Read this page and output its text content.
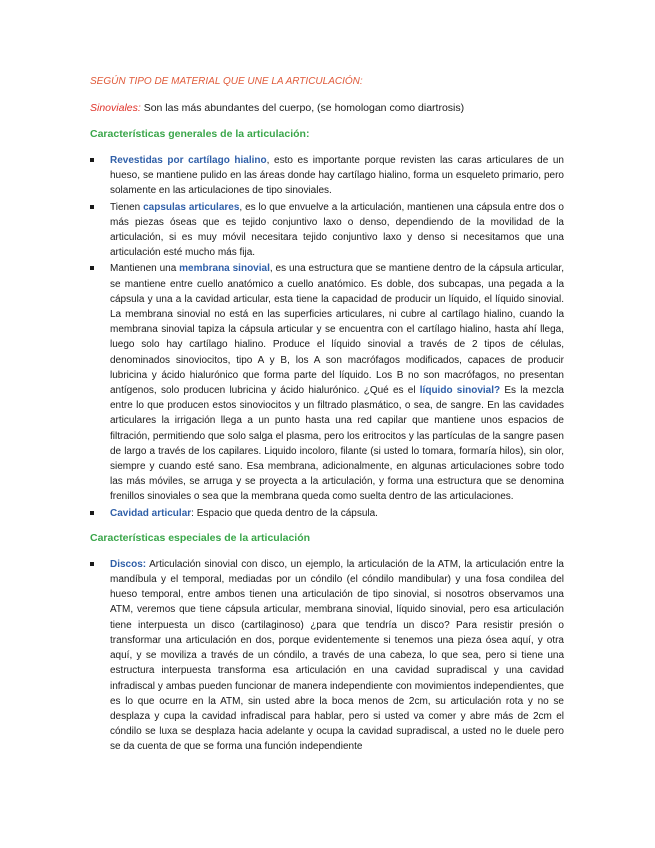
SEGÚN TIPO DE MATERIAL QUE UNE LA ARTICULACIÓN:
Sinoviales: Son las más abundantes del cuerpo, (se homologan como diartrosis)
Características generales de la articulación:
Revestidas por cartílago hialino, esto es importante porque revisten las caras articulares de un hueso, se mantiene pulido en las áreas donde hay cartílago hialino, forma un esqueleto primario, pero solamente en las articulaciones de tipo sinoviales.
Tienen capsulas articulares, es lo que envuelve a la articulación, mantienen una cápsula entre dos o más piezas óseas que es tejido conjuntivo laxo o denso, dependiendo de la movilidad de la articulación, si es muy móvil necesitara tejido conjuntivo laxo y denso si necesitamos que una articulación esté mucho más fija.
Mantienen una membrana sinovial, es una estructura que se mantiene dentro de la cápsula articular, se mantiene entre cuello anatómico a cuello anatómico. Es doble, dos subcapas, una pegada a la cápsula y una a la cavidad articular, esta tiene la capacidad de producir un líquido, el líquido sinovial. La membrana sinovial no está en las superficies articulares, ni cubre al cartílago hialino, cuando la membrana sinovial tapiza la cápsula articular y se encuentra con el cartílago hialino, hasta ahí llega, luego solo hay cartílago hialino. Produce el líquido sinovial a través de 2 tipos de células, denominados sinoviocitos, tipo A y B, los A son macrófagos modificados, capaces de producir lubricina y ácido hialurónico que forma parte del líquido. Los B no son macrófagos, no presentan antígenos, solo producen lubricina y ácido hialurónico. ¿Qué es el líquido sinovial? Es la mezcla entre lo que producen estos sinoviocitos y un filtrado plasmático, o sea, de sangre. En las cavidades articulares la irrigación llega a un punto hasta una red capilar que mantiene unos espacios de filtración, permitiendo que solo salga el plasma, pero los eritrocitos y las partículas de la sangre pasen de largo a través de los capilares. Liquido incoloro, filante (si usted lo tomara, formaría hilos), sin olor, siempre y cuando esté sano. Esa membrana, adicionalmente, en algunas articulaciones sobre todo las más móviles, se arruga y se proyecta a la articulación, y forma una estructura que se denomina frenillos sinoviales o sea que la membrana queda como suelta dentro de las articulaciones.
Cavidad articular: Espacio que queda dentro de la cápsula.
Características especiales de la articulación
Discos: Articulación sinovial con disco, un ejemplo, la articulación de la ATM, la articulación entre la mandíbula y el temporal, mediadas por un cóndilo (el cóndilo mandibular) y una fosa condilea del hueso temporal, entre ambos tienen una articulación de tipo sinovial, si nosotros observamos una ATM, veremos que tiene cápsula articular, membrana sinovial, líquido sinovial, pero esa articulación tiene interpuesta un disco (cartilaginoso) ¿para que tendría un disco? Para resistir presión o transformar una articulación en dos, porque evidentemente si tenemos una pieza ósea aquí, y otra aquí, y se moviliza a través de un cóndilo, a través de una cabeza, lo que sea, pero si tiene una estructura interpuesta transforma esa articulación en una cavidad supradiscal y una cavidad infradiscal y ambas pueden funcionar de manera independiente con movimientos independientes, que es lo que ocurre en la ATM, sin usted abre la boca menos de 2cm, su articulación rota y no se desplaza y cupa la cavidad infradiscal para hablar, pero si usted va comer y abre más de 2cm el cóndilo se luxa se desplaza hacia adelante y ocupa la cavidad supradiscal, a usted no le duele pero se da cuenta de que se forma una función independiente
